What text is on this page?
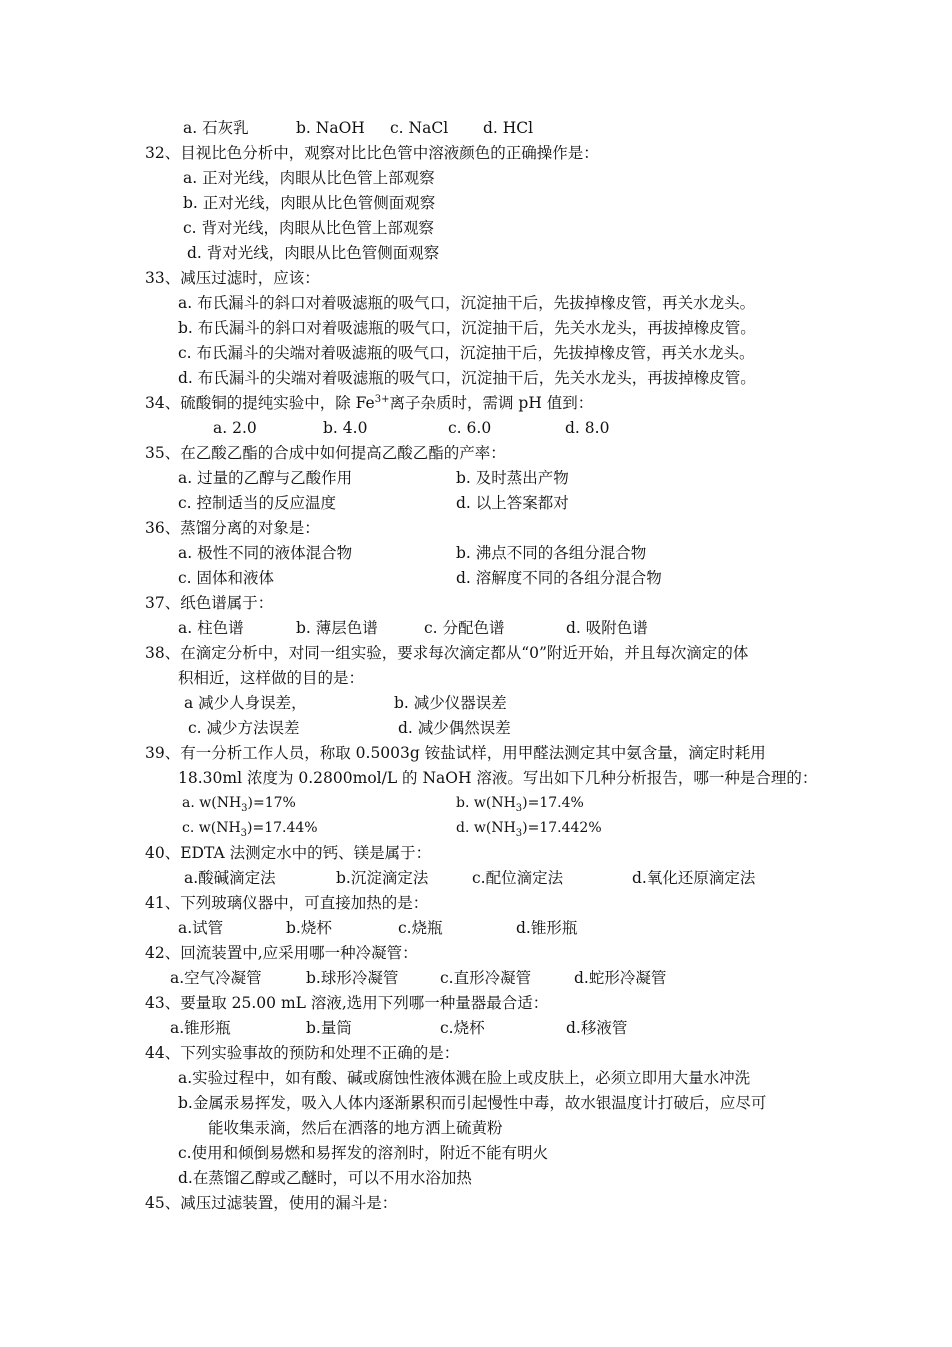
a. 石灰乳	b. NaOH c. NaCl d. HCl
32、目视比色分析中，观察对比比色管中溶液颜色的正确操作是：
a. 正对光线，肉眼从比色管上部观察
b. 正对光线，肉眼从比色管侧面观察
c. 背对光线，肉眼从比色管上部观察
d. 背对光线，肉眼从比色管侧面观察
33、减压过滤时，应该：
a. 布氏漏斗的斜口对着吸滤瓶的吸气口，沉淀抽干后，先拔掉橡皮管，再关水龙头。
b. 布氏漏斗的斜口对着吸滤瓶的吸气口，沉淀抽干后，先关水龙头，再拔掉橡皮管。
c. 布氏漏斗的尖端对着吸滤瓶的吸气口，沉淀抽干后，先拔掉橡皮管，再关水龙头。
d. 布氏漏斗的尖端对着吸滤瓶的吸气口，沉淀抽干后，先关水龙头，再拔掉橡皮管。
34、硫酸铜的提纯实验中，除 $Fe^{3+}$离子杂质时，需调 pH 值到：
a. 2.0	b. 4.0	c. 6.0	d. 8.0
35、在乙酸乙酯的合成中如何提高乙酸乙酯的产率：
a. 过量的乙醇与乙酸作用	b. 及时蒸出产物
c. 控制适当的反应温度	d. 以上答案都对
36、蒸馏分离的对象是：
a. 极性不同的液体混合物	b. 沸点不同的各组分混合物
c. 固体和液体	d. 溶解度不同的各组分混合物
37、纸色谱属于：
a. 柱色谱	b. 薄层色谱	c. 分配色谱	d. 吸附色谱
38、在滴定分析中，对同一组实验，要求每次滴定都从“0”附近开始，并且每次滴定的体
积相近，这样做的目的是：
a 减少人身误差，	b. 减少仪器误差
c. 减少方法误差	d. 减少偶然误差
39、有一分析工作人员，称取 0.5003g 铵盐试样，用甲醛法测定其中氨含量，滴定时耗用
18.30ml 浓度为 0.2800mol/L 的 NaOH 溶液。写出如下几种分析报告，哪一种是合理的：
a. $w(NH_3)=17\%$	b. $w(NH_3)=17.4\%$
c. $w(NH_3)=17.44\%$	d. $w(NH_3)=17.442\%$
40、EDTA 法测定水中的钙、镁是属于：
a.酸碱滴定法	b.沉淀滴定法	c.配位滴定法	d.氧化还原滴定法
41、下列玻璃仪器中，可直接加热的是：
a.试管	b.烧杯	c.烧瓶	d.锥形瓶
42、回流装置中,应采用哪一种冷凝管：
a.空气冷凝管	b.球形冷凝管	c.直形冷凝管	d.蛇形冷凝管
43、要量取 25.00 mL 溶液,选用下列哪一种量器最合适：
a.锥形瓶	b.量筒	c.烧杯	d.移液管
44、下列实验事故的预防和处理不正确的是：
a.实验过程中，如有酸、碱或腐蚀性液体溅在脸上或皮肤上，必须立即用大量水冲洗
b.金属汞易挥发，吸入人体内逐渐累积而引起慢性中毒，故水银温度计打破后，应尽可
能收集汞滴，然后在洒落的地方洒上硫黄粉
c.使用和倾倒易燃和易挥发的溶剂时，附近不能有明火
d.在蒸馏乙醇或乙醚时，可以不用水浴加热
45、减压过滤装置，使用的漏斗是：
